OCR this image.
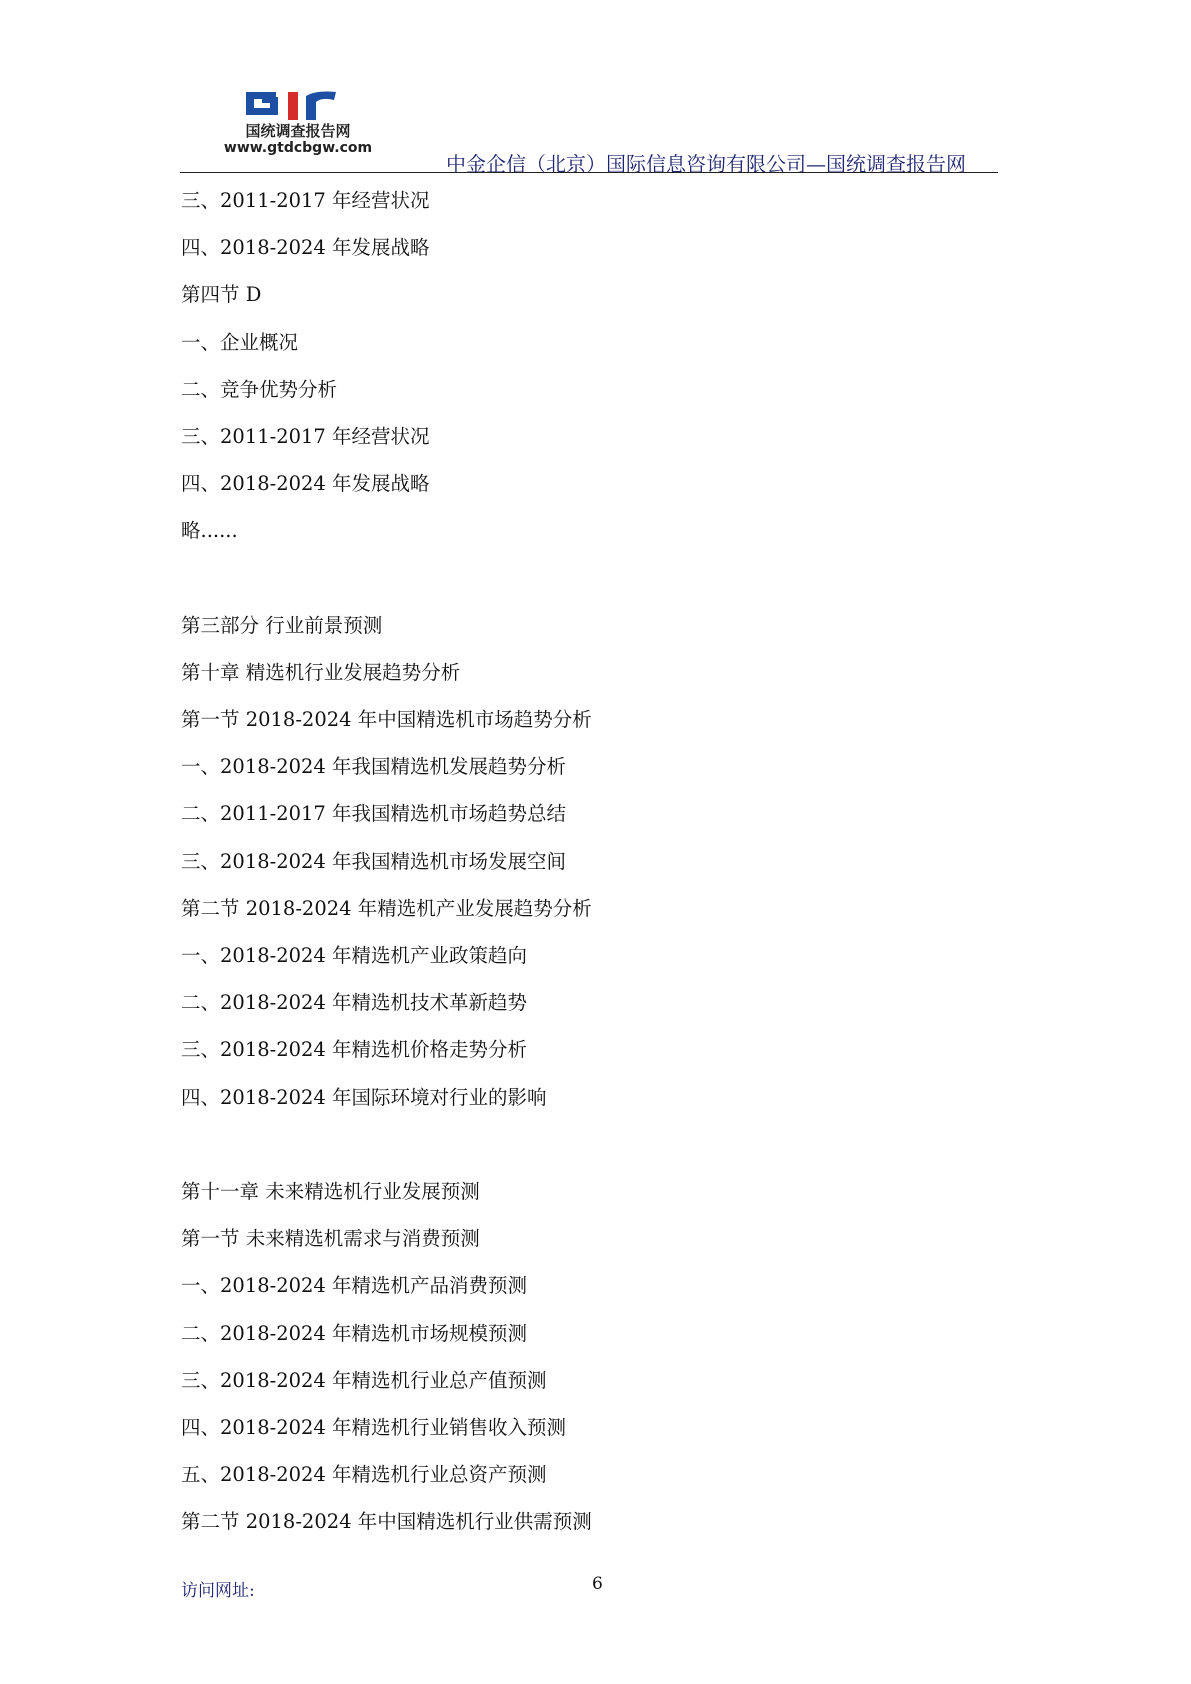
国统调查报告网
www.gtdcbgw.com
中金企信（北京）国际信息咨询有限公司—国统调查报告网
三、2011-2017 年经营状况
四、2018-2024 年发展战略
第四节 D
一、企业概况
二、竞争优势分析
三、2011-2017 年经营状况
四、2018-2024 年发展战略
略......
第三部分 行业前景预测
第十章 精选机行业发展趋势分析
第一节 2018-2024 年中国精选机市场趋势分析
一、2018-2024 年我国精选机发展趋势分析
二、2011-2017 年我国精选机市场趋势总结
三、2018-2024 年我国精选机市场发展空间
第二节 2018-2024 年精选机产业发展趋势分析
一、2018-2024 年精选机产业政策趋向
二、2018-2024 年精选机技术革新趋势
三、2018-2024 年精选机价格走势分析
四、2018-2024 年国际环境对行业的影响
第十一章 未来精选机行业发展预测
第一节 未来精选机需求与消费预测
一、2018-2024 年精选机产品消费预测
二、2018-2024 年精选机市场规模预测
三、2018-2024 年精选机行业总产值预测
四、2018-2024 年精选机行业销售收入预测
五、2018-2024 年精选机行业总资产预测
第二节 2018-2024 年中国精选机行业供需预测
访问网址:	6
